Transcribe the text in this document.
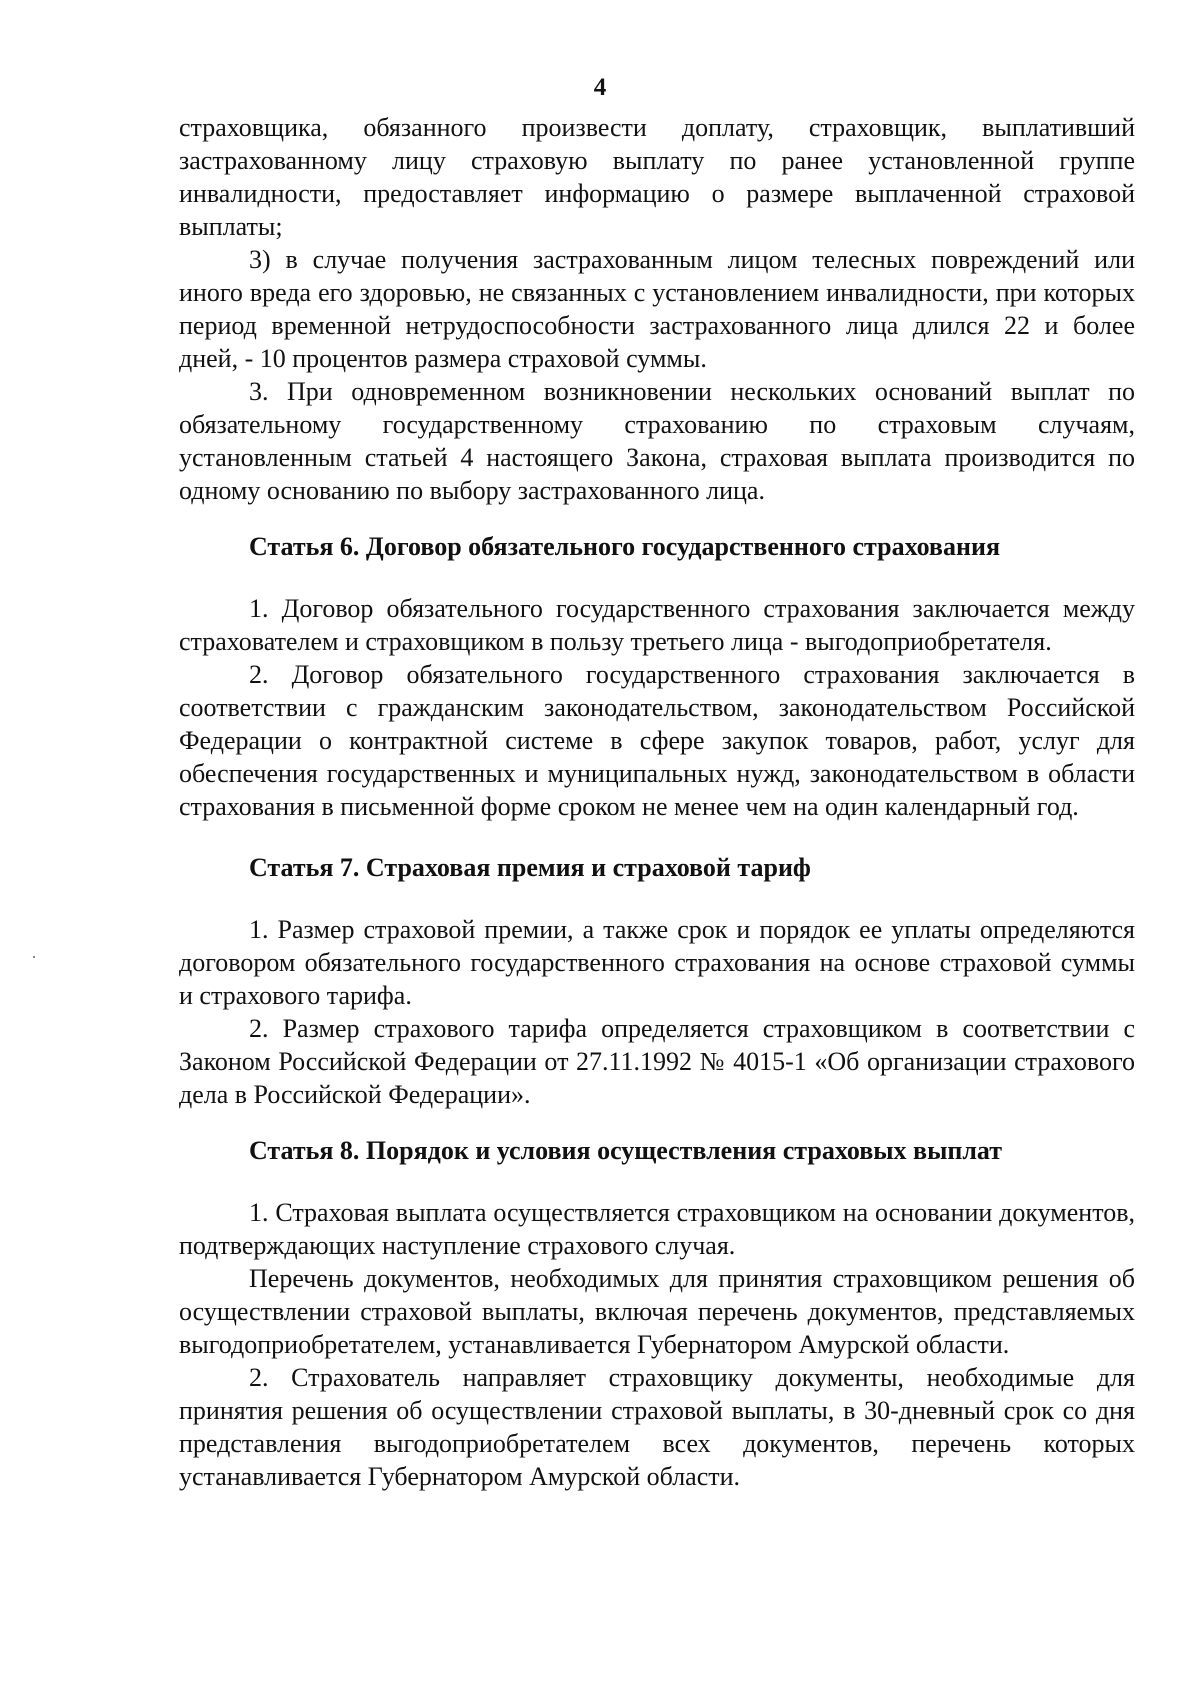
4

страховщика, обязанного произвести доплату, страховщик, выплативший застрахованному лицу страховую выплату по ранее установленной группе инвалидности, предоставляет информацию о размере выплаченной страховой выплаты;

3) в случае получения застрахованным лицом телесных повреждений или иного вреда его здоровью, не связанных с установлением инвалидности, при которых период временной нетрудоспособности застрахованного лица длился 22 и более дней, - 10 процентов размера страховой суммы.

3. При одновременном возникновении нескольких оснований выплат по обязательному государственному страхованию по страховым случаям, установленным статьей 4 настоящего Закона, страховая выплата производится по одному основанию по выбору застрахованного лица.

Статья 6. Договор обязательного государственного страхования

1. Договор обязательного государственного страхования заключается между страхователем и страховщиком в пользу третьего лица - выгодоприобретателя.

2. Договор обязательного государственного страхования заключается в соответствии с гражданским законодательством, законодательством Российской Федерации о контрактной системе в сфере закупок товаров, работ, услуг для обеспечения государственных и муниципальных нужд, законодательством в области страхования в письменной форме сроком не менее чем на один календарный год.

Статья 7. Страховая премия и страховой тариф

1. Размер страховой премии, а также срок и порядок ее уплаты определяются договором обязательного государственного страхования на основе страховой суммы и страхового тарифа.

2. Размер страхового тарифа определяется страховщиком в соответствии с Законом Российской Федерации от 27.11.1992 № 4015-1 «Об организации страхового дела в Российской Федерации».

Статья 8. Порядок и условия осуществления страховых выплат

1. Страховая выплата осуществляется страховщиком на основании документов, подтверждающих наступление страхового случая.

Перечень документов, необходимых для принятия страховщиком решения об осуществлении страховой выплаты, включая перечень документов, представляемых выгодоприобретателем, устанавливается Губернатором Амурской области.

2. Страхователь направляет страховщику документы, необходимые для принятия решения об осуществлении страховой выплаты, в 30-дневный срок со дня представления выгодоприобретателем всех документов, перечень которых устанавливается Губернатором Амурской области.
